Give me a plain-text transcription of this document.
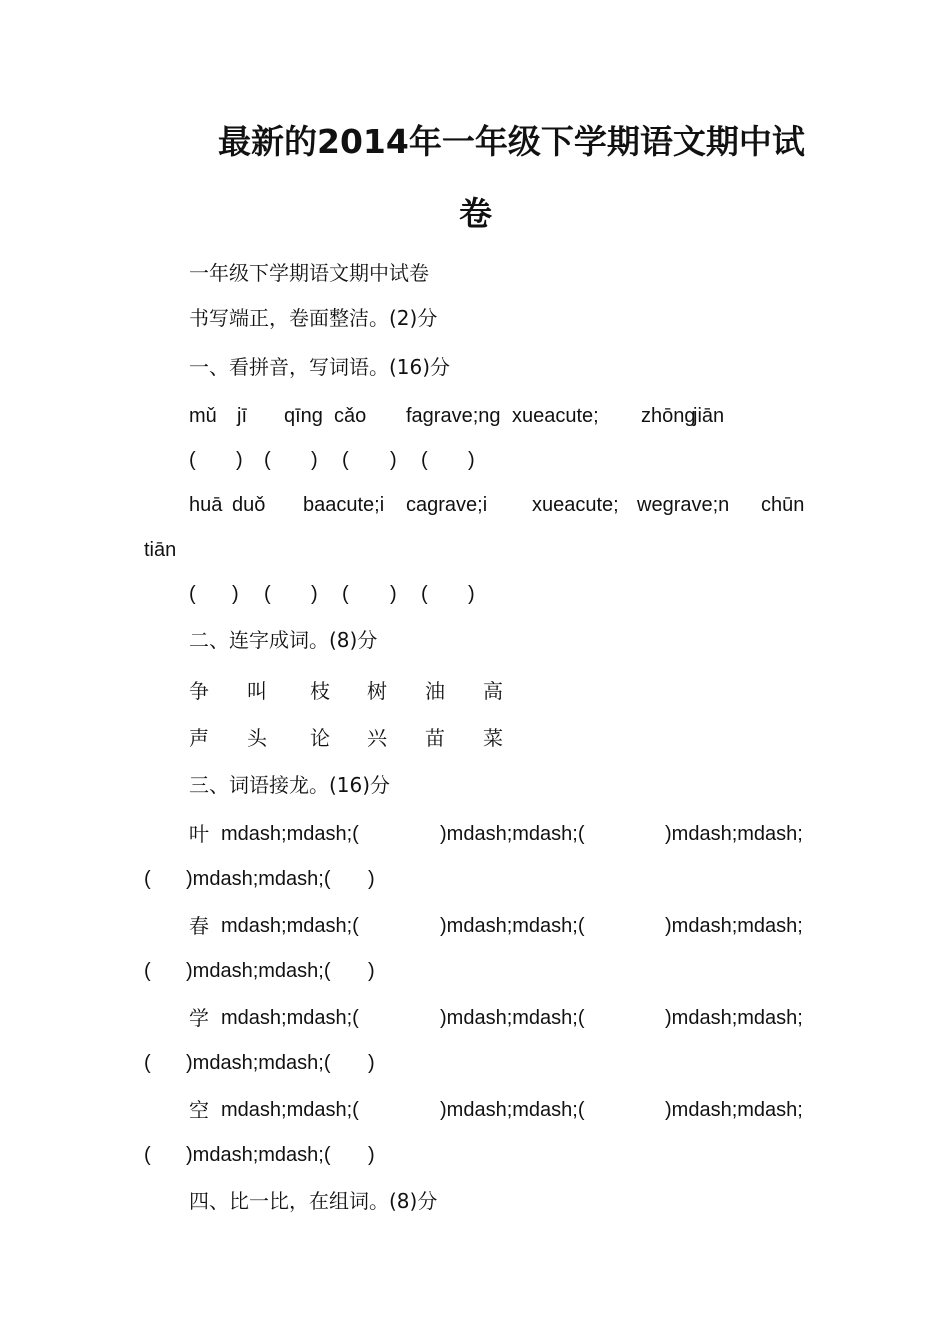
最新的2014年一年级下学期语文期中试
卷
一年级下学期语文期中试卷
书写端正，卷面整洁。(2)分
一、看拼音，写词语。(16)分
mǔ jī qīng cǎo fagrave;ng xueacute; zhōng
jiān
( ) ( ) ( ) ( )
huā duǒ baacute;i cagrave;i xueacute; wegrave;n chūn
tiān
( ) ( ) ( ) ( )
二、连字成词。(8)分
争 叫 枝 树 油 高
声 头 论 兴 苗 菜
三、词语接龙。(16)分
叶 mdash;mdash;(	)mdash;mdash;(	)mdash;mdash;
( )mdash;mdash;( )
春 mdash;mdash;(	)mdash;mdash;(	)mdash;mdash;
( )mdash;mdash;( )
学 mdash;mdash;(	)mdash;mdash;(	)mdash;mdash;
( )mdash;mdash;( )
空 mdash;mdash;(	)mdash;mdash;(	)mdash;mdash;
( )mdash;mdash;( )
四、比一比，在组词。(8)分
